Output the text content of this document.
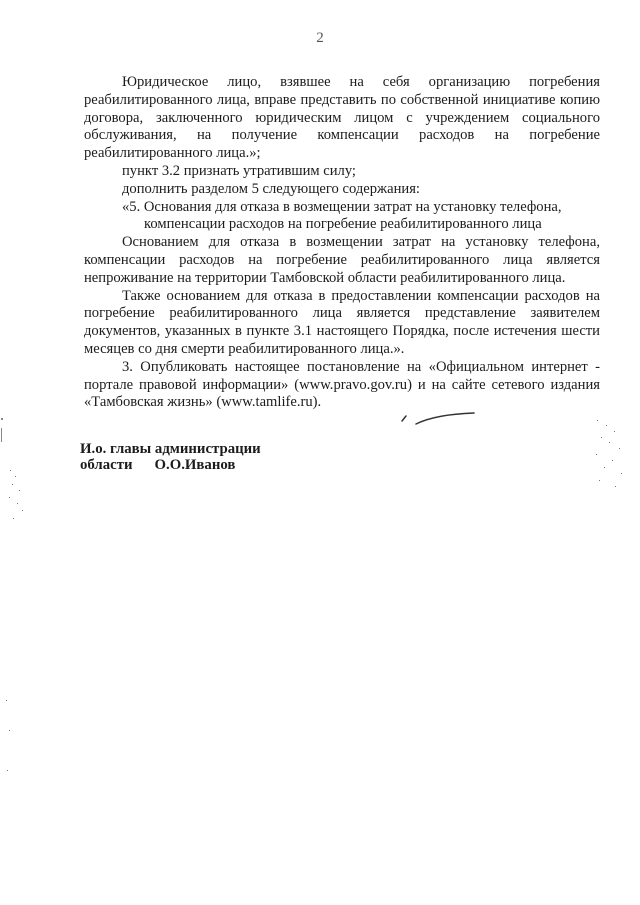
2

Юридическое лицо, взявшее на себя организацию погребения реабилитированного лица, вправе представить по собственной инициативе копию договора, заключенного юридическим лицом с учреждением социального обслуживания, на получение компенсации расходов на погребение реабилитированного лица.»;

пункт 3.2 признать утратившим силу;

дополнить разделом 5 следующего содержания:

«5. Основания для отказа в возмещении затрат на установку телефона,
компенсации расходов на погребение реабилитированного лица

Основанием для отказа в возмещении затрат на установку телефона, компенсации расходов на погребение реабилитированного лица является непроживание на территории Тамбовской области реабилитированного лица.

Также основанием для отказа в предоставлении компенсации расходов на погребение реабилитированного лица является представление заявителем документов, указанных в пункте 3.1 настоящего Порядка, после истечения шести месяцев со дня смерти реабилитированного лица.».

3. Опубликовать настоящее постановление на «Официальном интернет - портале правовой информации» (www.pravo.gov.ru) и на сайте сетевого издания «Тамбовская жизнь» (www.tamlife.ru).

И.о. главы администрации
области О.О.Иванов
